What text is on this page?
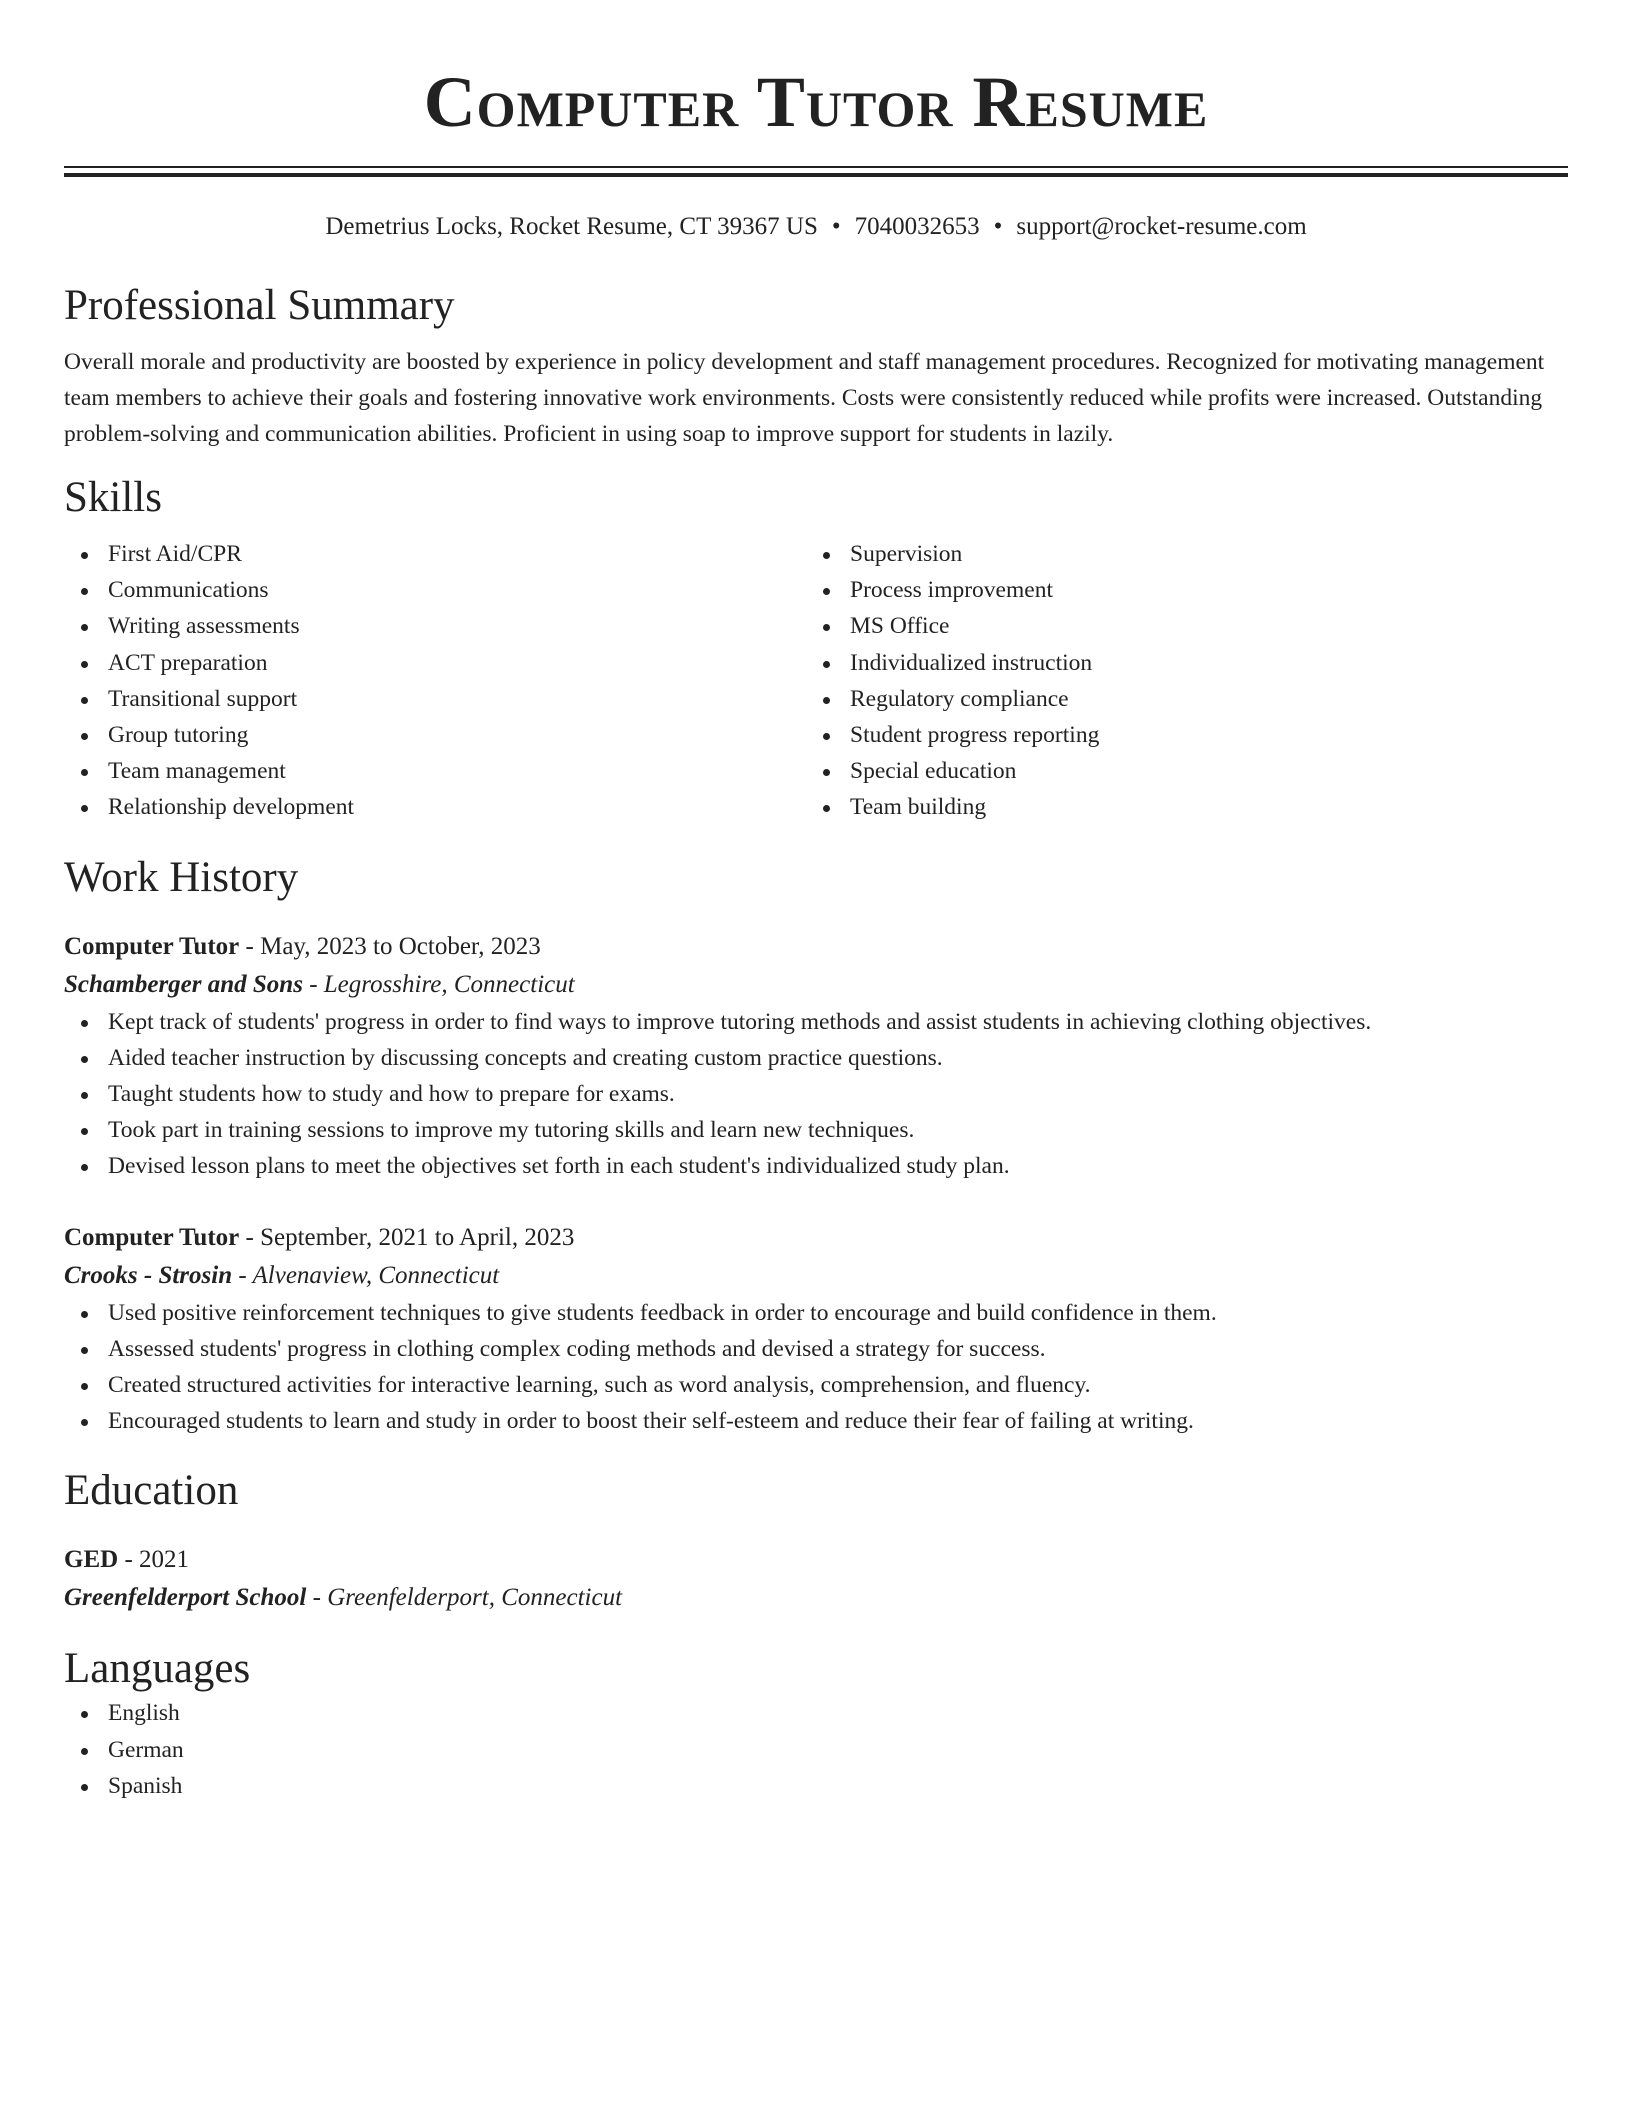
Computer Tutor Resume
Demetrius Locks, Rocket Resume, CT 39367 US • 7040032653 • support@rocket-resume.com
Professional Summary

Overall morale and productivity are boosted by experience in policy development and staff management procedures. Recognized for motivating management team members to achieve their goals and fostering innovative work environments. Costs were consistently reduced while profits were increased. Outstanding problem-solving and communication abilities. Proficient in using soap to improve support for students in lazily.

Skills
First Aid/CPR
Communications
Writing assessments
ACT preparation
Transitional support
Group tutoring
Team management
Relationship development
Supervision
Process improvement
MS Office
Individualized instruction
Regulatory compliance
Student progress reporting
Special education
Team building
Work History
Computer Tutor - May, 2023 to October, 2023
Schamberger and Sons - Legrosshire, Connecticut
Kept track of students' progress in order to find ways to improve tutoring methods and assist students in achieving clothing objectives.
Aided teacher instruction by discussing concepts and creating custom practice questions.
Taught students how to study and how to prepare for exams.
Took part in training sessions to improve my tutoring skills and learn new techniques.
Devised lesson plans to meet the objectives set forth in each student's individualized study plan.
Computer Tutor - September, 2021 to April, 2023
Crooks - Strosin - Alvenaview, Connecticut
Used positive reinforcement techniques to give students feedback in order to encourage and build confidence in them.
Assessed students' progress in clothing complex coding methods and devised a strategy for success.
Created structured activities for interactive learning, such as word analysis, comprehension, and fluency.
Encouraged students to learn and study in order to boost their self-esteem and reduce their fear of failing at writing.
Education
GED - 2021
Greenfelderport School - Greenfelderport, Connecticut
Languages
English
German
Spanish
